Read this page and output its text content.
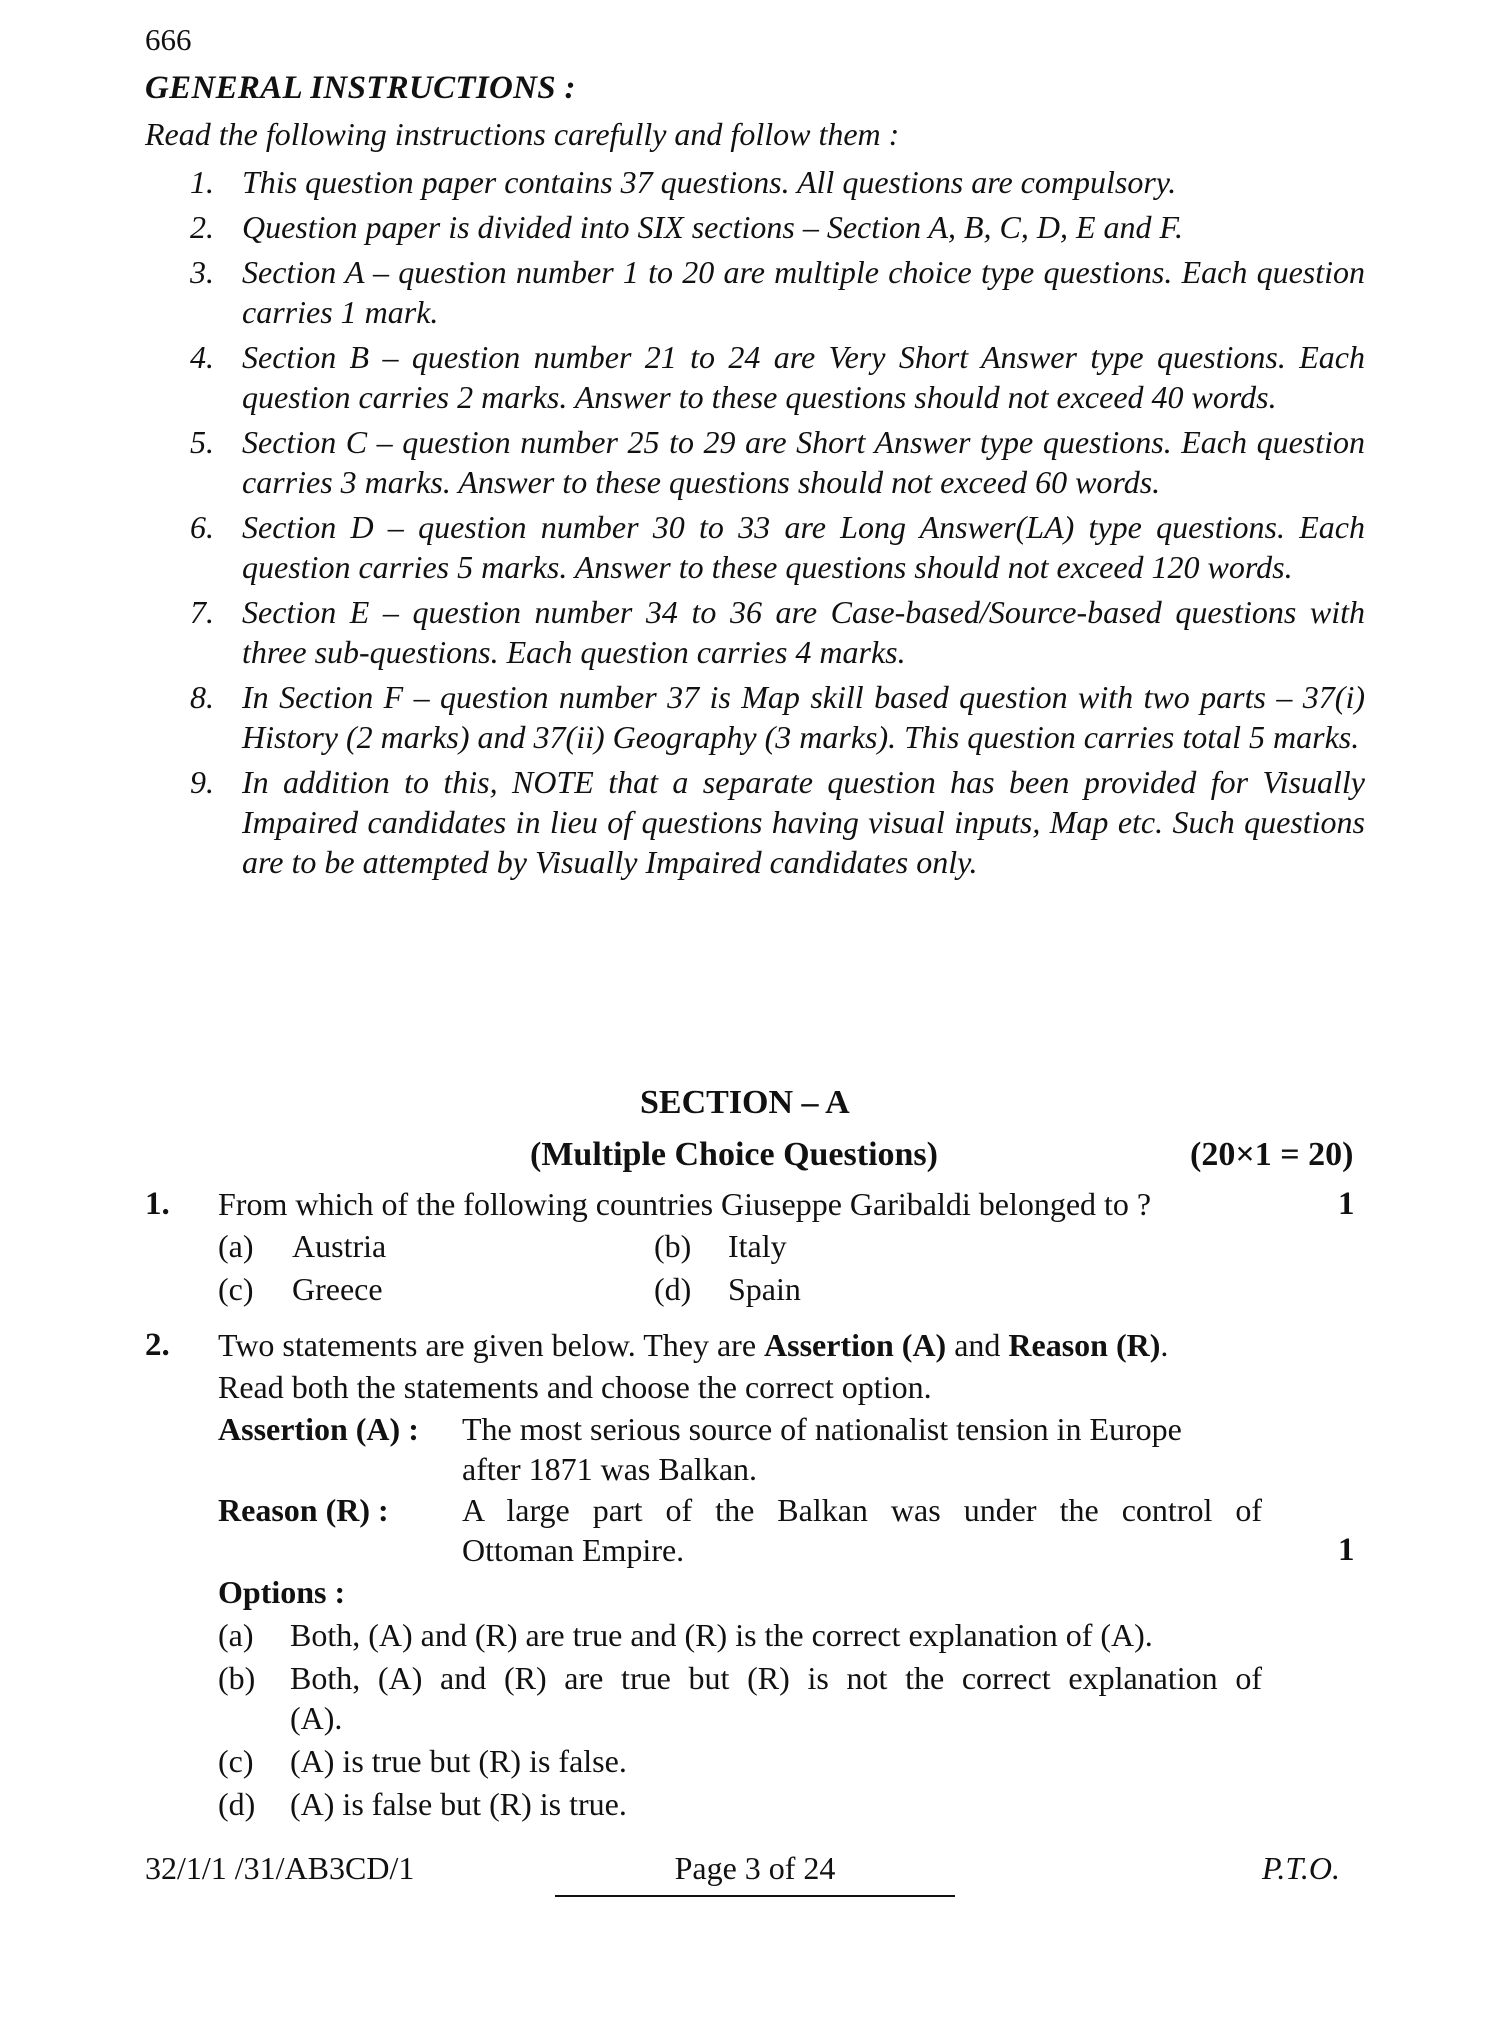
666
GENERAL INSTRUCTIONS :
Read the following instructions carefully and follow them :
1. This question paper contains 37 questions. All questions are compulsory.
2. Question paper is divided into SIX sections – Section A, B, C, D, E and F.
3. Section A – question number 1 to 20 are multiple choice type questions. Each question carries 1 mark.
4. Section B – question number 21 to 24 are Very Short Answer type questions. Each question carries 2 marks. Answer to these questions should not exceed 40 words.
5. Section C – question number 25 to 29 are Short Answer type questions. Each question carries 3 marks. Answer to these questions should not exceed 60 words.
6. Section D – question number 30 to 33 are Long Answer(LA) type questions. Each question carries 5 marks. Answer to these questions should not exceed 120 words.
7. Section E – question number 34 to 36 are Case-based/Source-based questions with three sub-questions. Each question carries 4 marks.
8. In Section F – question number 37 is Map skill based question with two parts – 37(i) History (2 marks) and 37(ii) Geography (3 marks). This question carries total 5 marks.
9. In addition to this, NOTE that a separate question has been provided for Visually Impaired candidates in lieu of questions having visual inputs, Map etc. Such questions are to be attempted by Visually Impaired candidates only.
SECTION – A
(Multiple Choice Questions)	(20×1 = 20)
1. From which of the following countries Giuseppe Garibaldi belonged to ?	1
(a) Austria	(b) Italy
(c) Greece	(d) Spain
2. Two statements are given below. They are Assertion (A) and Reason (R).
Read both the statements and choose the correct option.
Assertion (A) : The most serious source of nationalist tension in Europe
after 1871 was Balkan.
Reason (R) : A large part of the Balkan was under the control of
Ottoman Empire.	1
Options :
(a) Both, (A) and (R) are true and (R) is the correct explanation of (A).
(b) Both, (A) and (R) are true but (R) is not the correct explanation of
(A).
(c) (A) is true but (R) is false.
(d) (A) is false but (R) is true.
32/1/1 /31/AB3CD/1	Page 3 of 24	P.T.O.
